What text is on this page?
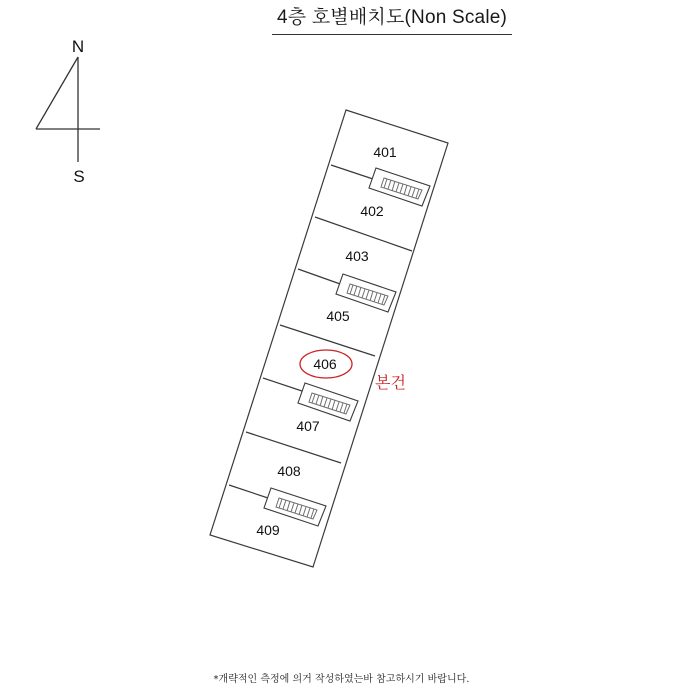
4층 호별배치도(Non Scale)
N
S
401
402
403
405
406
407
408
409
본건
*개략적인 측정에 의거 작성하였는바 참고하시기 바랍니다.
